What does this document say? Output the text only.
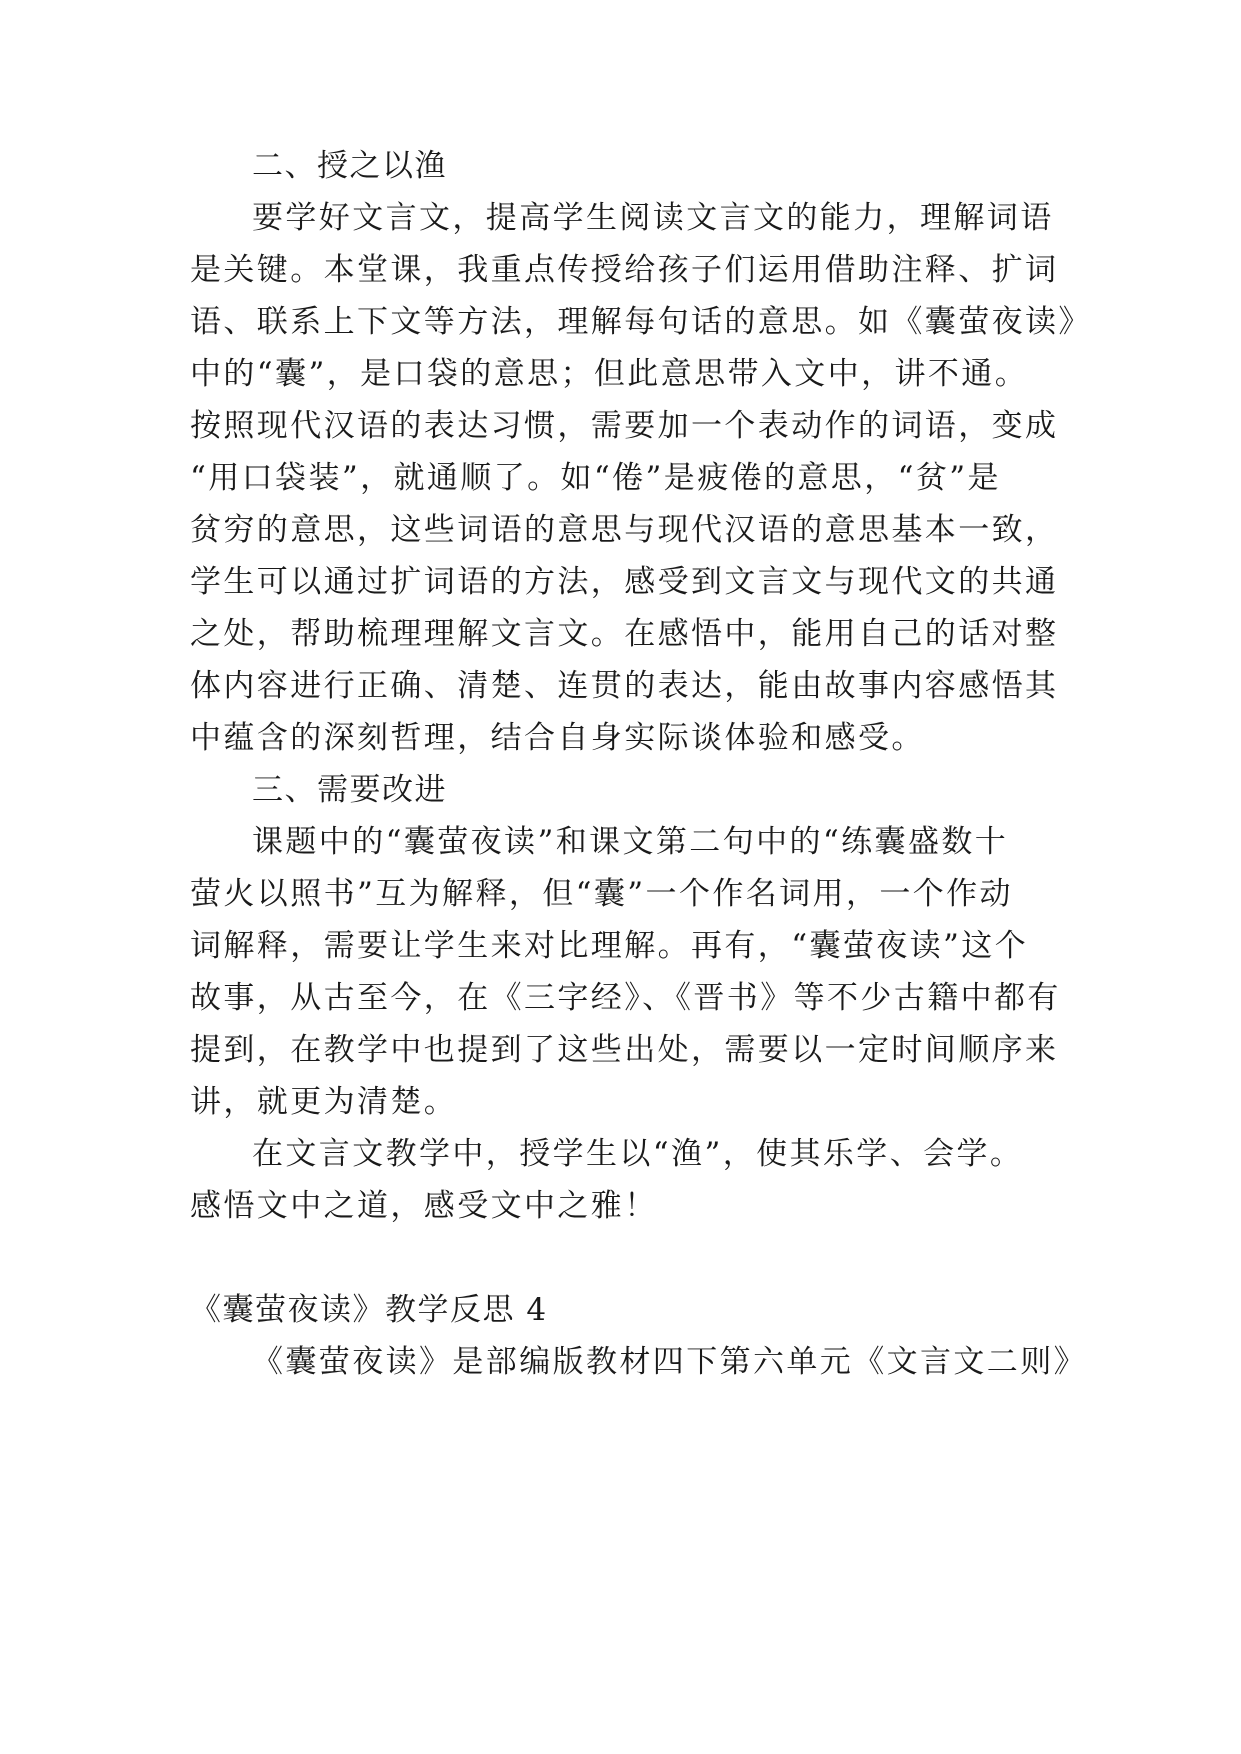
二、授之以渔
要学好文言文，提高学生阅读文言文的能力，理解词语
是关键。本堂课，我重点传授给孩子们运用借助注释、扩词
语、联系上下文等方法，理解每句话的意思。如《囊萤夜读》
中的“囊”，是口袋的意思；但此意思带入文中，讲不通。
按照现代汉语的表达习惯，需要加一个表动作的词语，变成
“用口袋装”，就通顺了。如“倦”是疲倦的意思，“贫”是
贫穷的意思，这些词语的意思与现代汉语的意思基本一致，
学生可以通过扩词语的方法，感受到文言文与现代文的共通
之处，帮助梳理理解文言文。在感悟中，能用自己的话对整
体内容进行正确、清楚、连贯的表达，能由故事内容感悟其
中蕴含的深刻哲理，结合自身实际谈体验和感受。
三、需要改进
课题中的“囊萤夜读”和课文第二句中的“练囊盛数十
萤火以照书”互为解释，但“囊”一个作名词用，一个作动
词解释，需要让学生来对比理解。再有，“囊萤夜读”这个
故事，从古至今，在《三字经》、《晋书》等不少古籍中都有
提到，在教学中也提到了这些出处，需要以一定时间顺序来
讲，就更为清楚。
在文言文教学中，授学生以“渔”，使其乐学、会学。
感悟文中之道，感受文中之雅！
《囊萤夜读》教学反思 4
《囊萤夜读》是部编版教材四下第六单元《文言文二则》
